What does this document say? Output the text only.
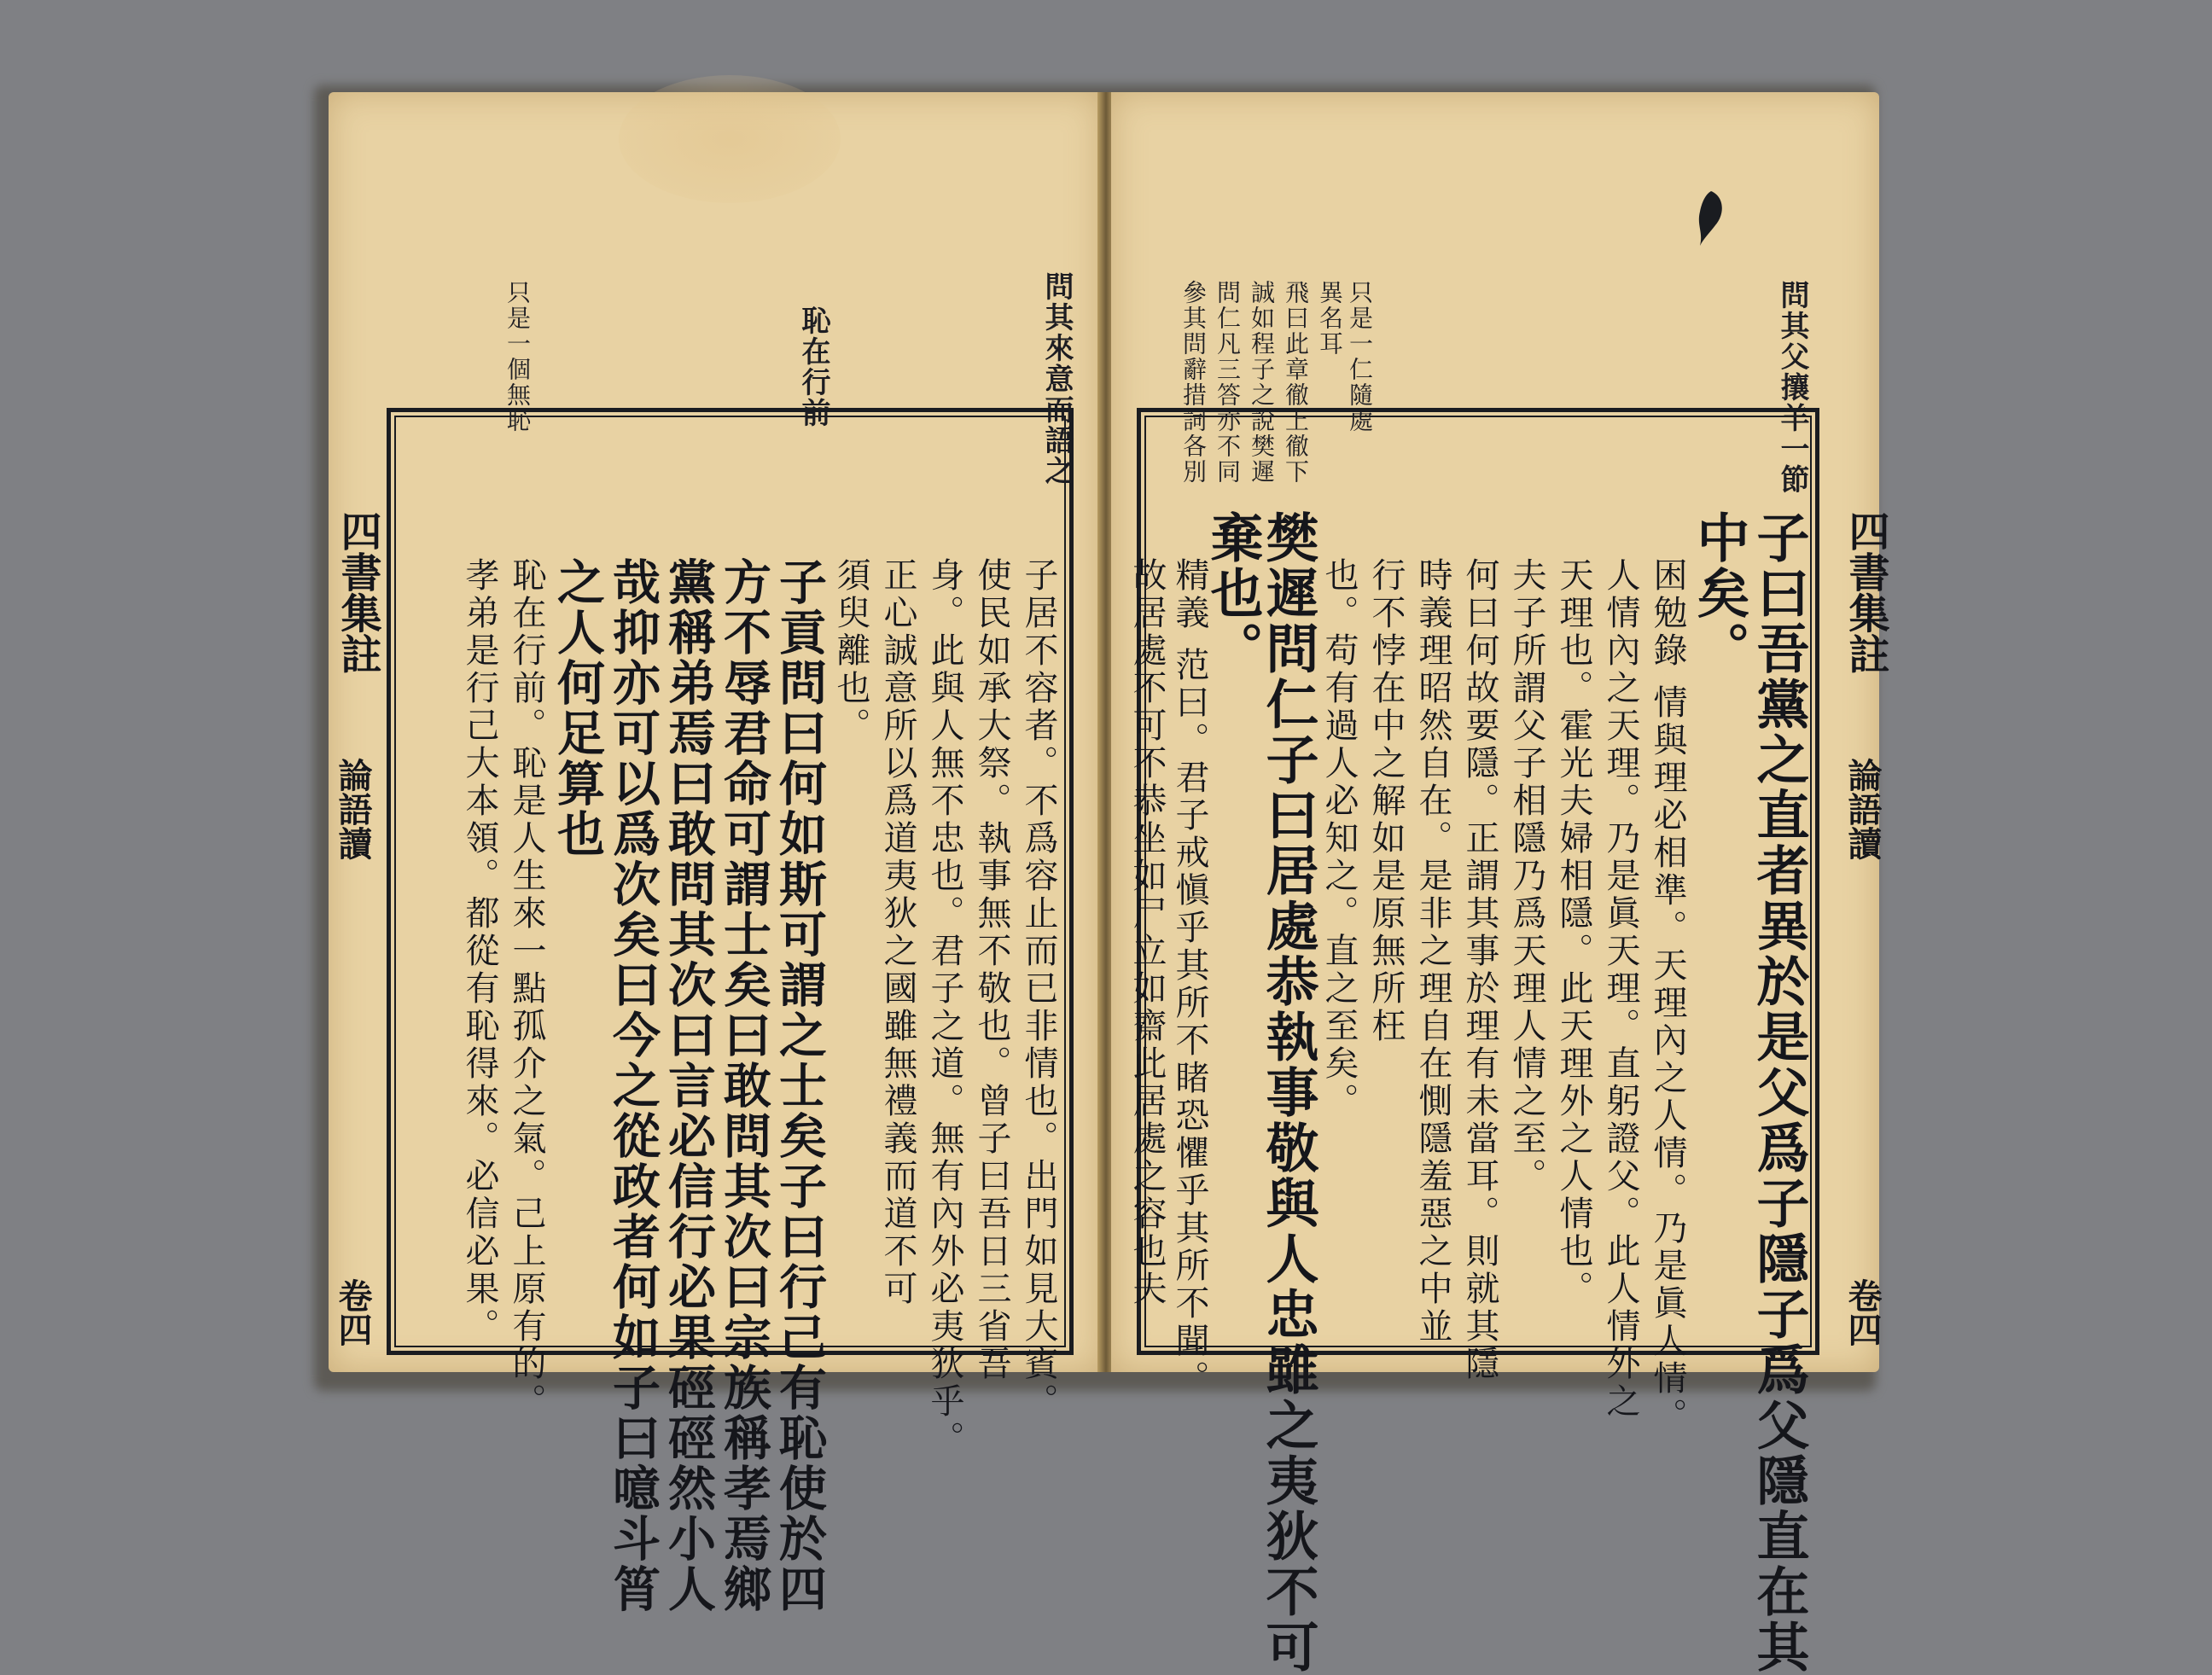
問其來意而語之
恥在行前
只是一個無恥
四書集註
論語讀
卷四	子居不容者。不爲容止而已非情也。出門如見大賓。
使民如承大祭。執事無不敬也。曾子曰吾日三省吾
身。此與人無不忠也。君子之道。無有內外必夷狄乎。
正心誠意所以爲道夷狄之國雖無禮義而道不可
須臾離也。
子貢問曰何如斯可謂之士矣子曰行己有恥使於四
方不辱君命可謂士矣曰敢問其次曰宗族稱孝焉鄉
黨稱弟焉曰敢問其次曰言必信行必果硜硜然小人
哉抑亦可以爲次矣曰今之從政者何如子曰噫斗筲
之人何足算也
恥在行前。恥是人生來一點孤介之氣。己上原有的。
孝弟是行己大本領。都從有恥得來。必信必果。
問其父攘羊一節
只是一仁隨處
異名耳
飛曰此章徹上徹下
誠如程子之說樊遲
問仁凡三答亦不同
參其問辭措詞各別
四書集註
論語讀
卷四
子曰吾黨之直者異於是父爲子隱子爲父隱直在其
中矣。
困勉錄 情與理必相準。天理內之人情。乃是眞人情。
人情內之天理。乃是眞天理。直躬證父。此人情外之
天理也。霍光夫婦相隱。此天理外之人情也。
夫子所謂父子相隱乃爲天理人情之至。
何曰何故要隱。正謂其事於理有未當耳。則就其隱
時義理昭然自在。是非之理自在惻隱羞惡之中並
行不悖在中之解如是原無所枉
也。苟有過人必知之。直之至矣。
樊遲問仁子曰居處恭執事敬與人忠雖之夷狄不可
棄也。
精義 范曰。君子戒愼乎其所不睹恐懼乎其所不聞。
故居處不可不恭坐如尸立如齋此居處之容也夫
